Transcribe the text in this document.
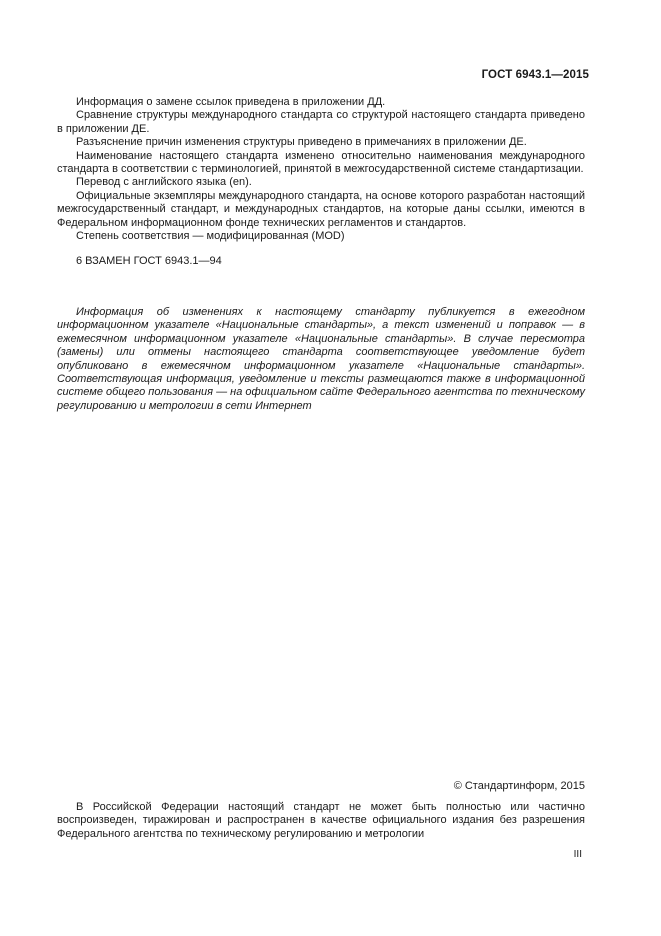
ГОСТ 6943.1—2015

Информация о замене ссылок приведена в приложении ДД.

Сравнение структуры международного стандарта со структурой настоящего стандарта приведено в приложении ДЕ.

Разъяснение причин изменения структуры приведено в примечаниях в приложении ДЕ.

Наименование настоящего стандарта изменено относительно наименования международного стандарта в соответствии с терминологией, принятой в межгосударственной системе стандартизации.

Перевод с английского языка (en).

Официальные экземпляры международного стандарта, на основе которого разработан настоящий межгосударственный стандарт, и международных стандартов, на которые даны ссылки, имеются в Федеральном информационном фонде технических регламентов и стандартов.

Степень соответствия — модифицированная (MOD)

6 ВЗАМЕН ГОСТ 6943.1—94

Информация об изменениях к настоящему стандарту публикуется в ежегодном информационном указателе «Национальные стандарты», а текст изменений и поправок — в ежемесячном информационном указателе «Национальные стандарты». В случае пересмотра (замены) или отмены настоящего стандарта соответствующее уведомление будет опубликовано в ежемесячном информационном указателе «Национальные стандарты». Соответствующая информация, уведомление и тексты размещаются также в информационной системе общего пользования — на официальном сайте Федерального агентства по техническому регулированию и метрологии в сети Интернет

© Стандартинформ, 2015

В Российской Федерации настоящий стандарт не может быть полностью или частично воспроизведен, тиражирован и распространен в качестве официального издания без разрешения Федерального агентства по техническому регулированию и метрологии

III
